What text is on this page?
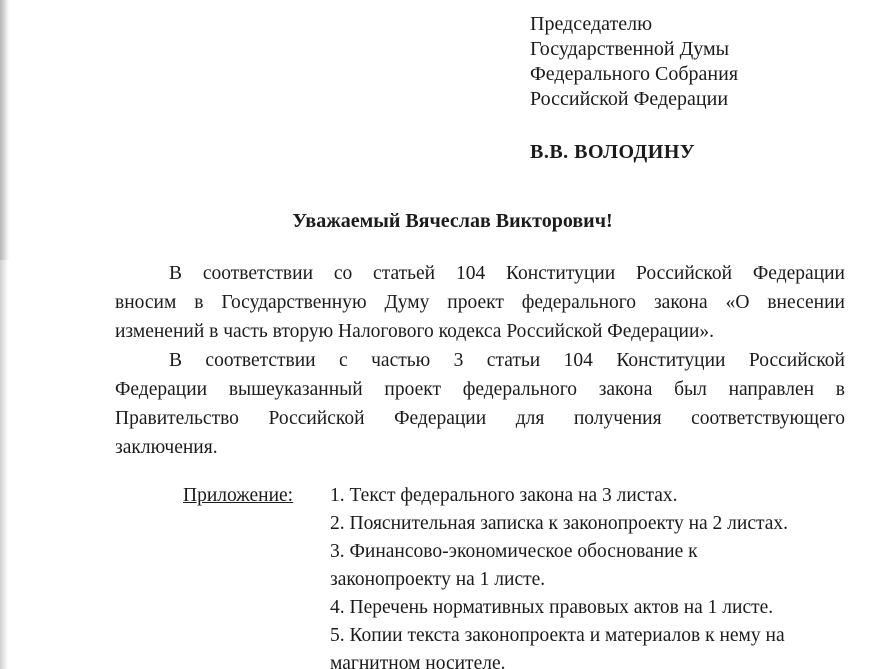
Председателю
Государственной Думы
Федерального Собрания
Российской Федерации
В.В. ВОЛОДИНУ
Уважаемый Вячеслав Викторович!
В соответствии со статьей 104 Конституции Российской Федерации
вносим в Государственную Думу проект федерального закона «О внесении
изменений в часть вторую Налогового кодекса Российской Федерации».
В соответствии с частью 3 статьи 104 Конституции Российской
Федерации вышеуказанный проект федерального закона был направлен в
Правительство Российской Федерации для получения соответствующего
заключения.
Приложение:	1. Текст федерального закона на 3 листах.
2. Пояснительная записка к законопроекту на 2 листах.
3. Финансово-экономическое обоснование к
законопроекту на 1 листе.
4. Перечень нормативных правовых актов на 1 листе.
5. Копии текста законопроекта и материалов к нему на
магнитном носителе.
